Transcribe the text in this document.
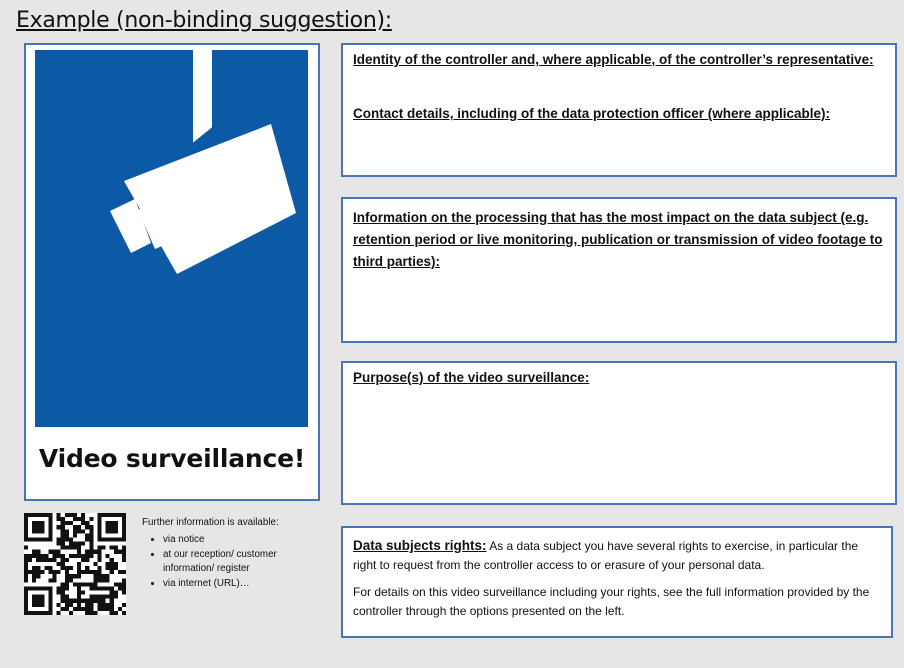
Example (non-binding suggestion):
Video surveillance!
Identity of the controller and, where applicable, of the controller’s representative:
Contact details, including of the data protection officer (where applicable):
Information on the processing that has the most impact on the data subject (e.g. retention period or live monitoring, publication or transmission of video footage to third parties):
Purpose(s) of the video surveillance:
Further information is available:
• via notice
• at our reception/ customer information/ register
• via internet (URL)…
Data subjects rights: As a data subject you have several rights to exercise, in particular the right to request from the controller access to or erasure of your personal data.
For details on this video surveillance including your rights, see the full information provided by the controller through the options presented on the left.
